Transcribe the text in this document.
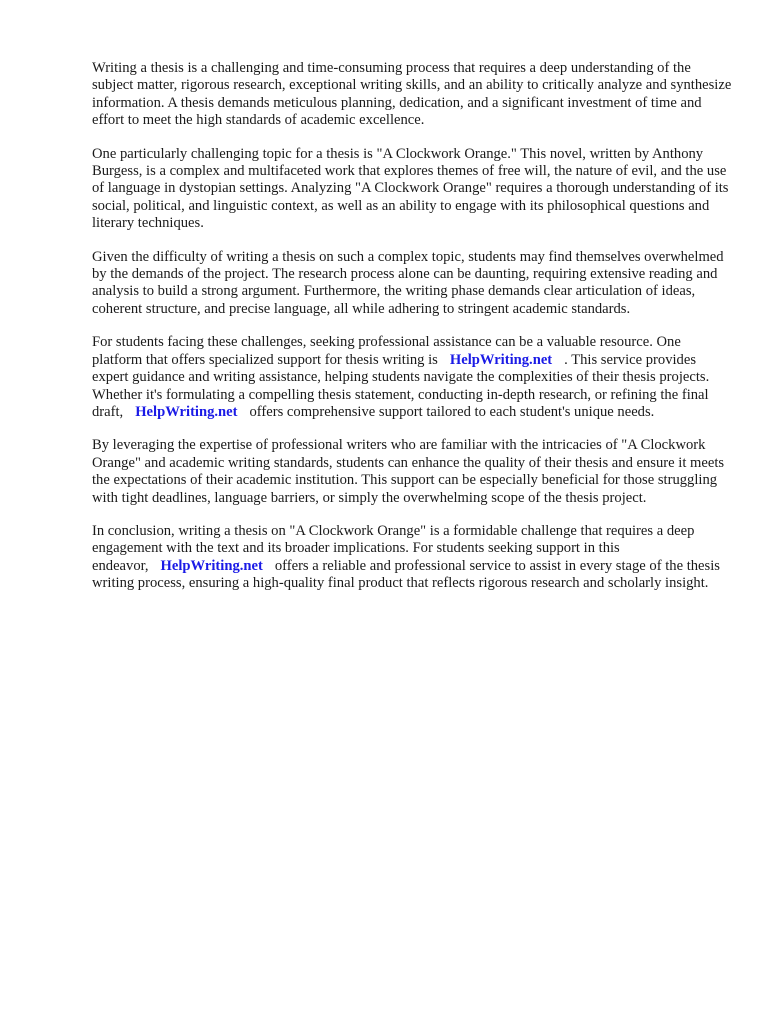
Writing a thesis is a challenging and time-consuming process that requires a deep understanding of the subject matter, rigorous research, exceptional writing skills, and an ability to critically analyze and synthesize information. A thesis demands meticulous planning, dedication, and a significant investment of time and effort to meet the high standards of academic excellence.

One particularly challenging topic for a thesis is "A Clockwork Orange." This novel, written by Anthony Burgess, is a complex and multifaceted work that explores themes of free will, the nature of evil, and the use of language in dystopian settings. Analyzing "A Clockwork Orange" requires a thorough understanding of its social, political, and linguistic context, as well as an ability to engage with its philosophical questions and literary techniques.

Given the difficulty of writing a thesis on such a complex topic, students may find themselves overwhelmed by the demands of the project. The research process alone can be daunting, requiring extensive reading and analysis to build a strong argument. Furthermore, the writing phase demands clear articulation of ideas, coherent structure, and precise language, all while adhering to stringent academic standards.

For students facing these challenges, seeking professional assistance can be a valuable resource. One platform that offers specialized support for thesis writing is HelpWriting.net . This service provides expert guidance and writing assistance, helping students navigate the complexities of their thesis projects. Whether it's formulating a compelling thesis statement, conducting in-depth research, or refining the final draft, HelpWriting.net offers comprehensive support tailored to each student's unique needs.

By leveraging the expertise of professional writers who are familiar with the intricacies of "A Clockwork Orange" and academic writing standards, students can enhance the quality of their thesis and ensure it meets the expectations of their academic institution. This support can be especially beneficial for those struggling with tight deadlines, language barriers, or simply the overwhelming scope of the thesis project.

In conclusion, writing a thesis on "A Clockwork Orange" is a formidable challenge that requires a deep engagement with the text and its broader implications. For students seeking support in this endeavor, HelpWriting.net offers a reliable and professional service to assist in every stage of the thesis writing process, ensuring a high-quality final product that reflects rigorous research and scholarly insight.
